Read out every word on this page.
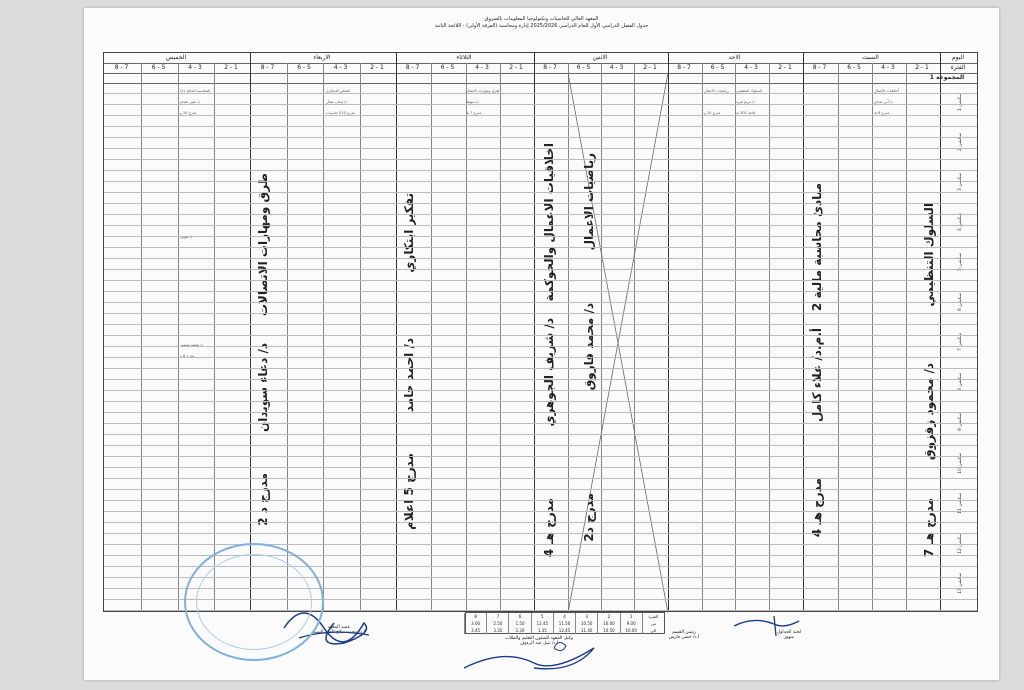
المعهد العالي للحاسبات وتكنولوجيا المعلومات بالشروق
جدول الفصل الدراسي الأول للعام الدراسي 2025/2026 إدارة ومحاسبة (الفرقة الأولى) - اللائحة الثانية
اليوم
السبت
الاحد
الاثنين
الثلاثاء
الاربعاء
الخميس
الفترة
2 - 1
4 - 3
6 - 5
8 - 7
2 - 1
4 - 3
6 - 5
8 - 7
2 - 1
4 - 3
6 - 5
8 - 7
2 - 1
4 - 3
6 - 5
8 - 7
2 - 1
4 - 3
6 - 5
8 - 7
2 - 1
4 - 3
6 - 5
8 - 7
المجموعة 1
سكشن 1
سكشن 2
سكشن 3
سكشن 4
سكشن 5
سكشن 6
سكشن 7
سكشن 8
سكشن 9
سكشن 10
سكشن 11
سكشن 12
سكشن 13
السلوك التنظيمي
د/ محمود زقزوق
مدرج هـ 7
مبادئ محاسبة مالية 2
أ.م.د/ علاء كامل
مدرج هـ 4
رياضيات الاعمال
د/ محمد فاروق
مدرج د2
اخلاقيات الاعمال والحوكمة
د/ شريف الجوهري
مدرج هـ 4
تفكير ابتكاري
د/ احمد حامد
مدرج 5 اعلام
طرق ومهارات الاتصالات
د/ دعاء سويدان
مدرج د 2
أخلاقيات الأعمال
د/ أبي صادق
مدرج 6 هـ
السلوك التنظيمي
رياضيات الأعمال
د/ مريم فريد
قاعة 301 هـ
مدرج 10 و
طرق ومهارات الاتصال
د/ سهيلة
مدرج 7 هـ
التفكير الابتكاري
د/ إيمان جمال
مدرج 010 حاسبات
المحاسبة المالية (2)
د/ عبير عصام
مدرج 10 و
د/ مؤمن
د/ محمد منصور
مدرج 6 و
الفترة
1
2
3
4
5
6
7
8
من
9.00
10.00
10.50
11.50
12.45
1.50
2.50
3.00
الى
10.00
10.50
11.40
12.45
1.35
2.30
3.35
3.45	لجنة الجداول
منهور
رئيس القسم
أ.د/ حسن فارس
وكيل المعهد للشئون التعليم والطلاب
أ.د/ نبيل عبد الرءوف
عميد المعهد
أ.د/ محمد صلاح الدين السيد
